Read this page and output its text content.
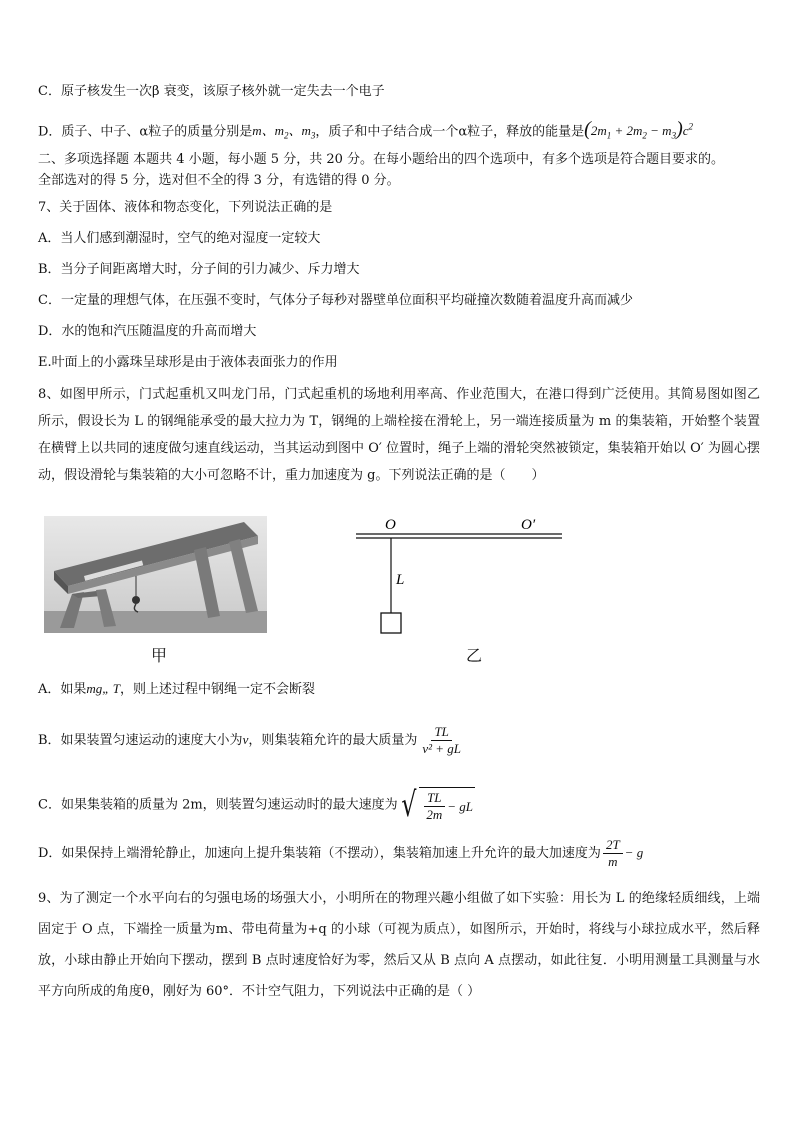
C．原子核发生一次β 衰变，该原子核外就一定失去一个电子
D．质子、中子、α粒子的质量分别是m、$m_2$、$m_3$，质子和中子结合成一个α粒子，释放的能量是$(2m_1 + 2m_2 - m_3)c^2$
二、多项选择题 本题共 4 小题，每小题 5 分，共 20 分。在每小题给出的四个选项中，有多个选项是符合题目要求的。
全部选对的得 5 分，选对但不全的得 3 分，有选错的得 0 分。
7、关于固体、液体和物态变化，下列说法正确的是
A．当人们感到潮湿时，空气的绝对湿度一定较大
B．当分子间距离增大时，分子间的引力减少、斥力增大
C．一定量的理想气体，在压强不变时，气体分子每秒对器壁单位面积平均碰撞次数随着温度升高而减少
D．水的饱和汽压随温度的升高而增大
E.叶面上的小露珠呈球形是由于液体表面张力的作用
8、如图甲所示，门式起重机又叫龙门吊，门式起重机的场地利用率高、作业范围大，在港口得到广泛使用。其简易图如图乙所示，假设长为 L 的钢绳能承受的最大拉力为 T，钢绳的上端栓接在滑轮上，另一端连接质量为 m 的集装箱，开始整个装置在横臂上以共同的速度做匀速直线运动，当其运动到图中 O′ 位置时，绳子上端的滑轮突然被锁定，集装箱开始以 O′ 为圆心摆动，假设滑轮与集装箱的大小可忽略不计，重力加速度为 g。下列说法正确的是（　　）
甲
O	O′
L
乙
A．如果mg„ T，则上述过程中钢绳一定不会断裂
B．如果装置匀速运动的速度大小为v，则集装箱允许的最大质量为 $\frac{TL}{\text{v² + gL}}$
C．如果集装箱的质量为 2m，则装置匀速运动时的最大速度为 √ $\frac{TL}{2m}$ − gL
D．如果保持上端滑轮静止，加速向上提升集装箱（不摆动），集装箱加速上升允许的最大加速度为 $\frac{2T}{m} - g$
9、为了测定一个水平向右的匀强电场的场强大小，小明所在的物理兴趣小组做了如下实验：用长为 L 的绝缘轻质细线，上端固定于 O 点，下端拴一质量为m、带电荷量为+q 的小球（可视为质点），如图所示，开始时，将线与小球拉成水平，然后释放，小球由静止开始向下摆动，摆到 B 点时速度恰好为零，然后又从 B 点向 A 点摆动，如此往复．小明用测量工具测量与水平方向所成的角度θ，刚好为 60°．不计空气阻力，下列说法中正确的是（ ）
